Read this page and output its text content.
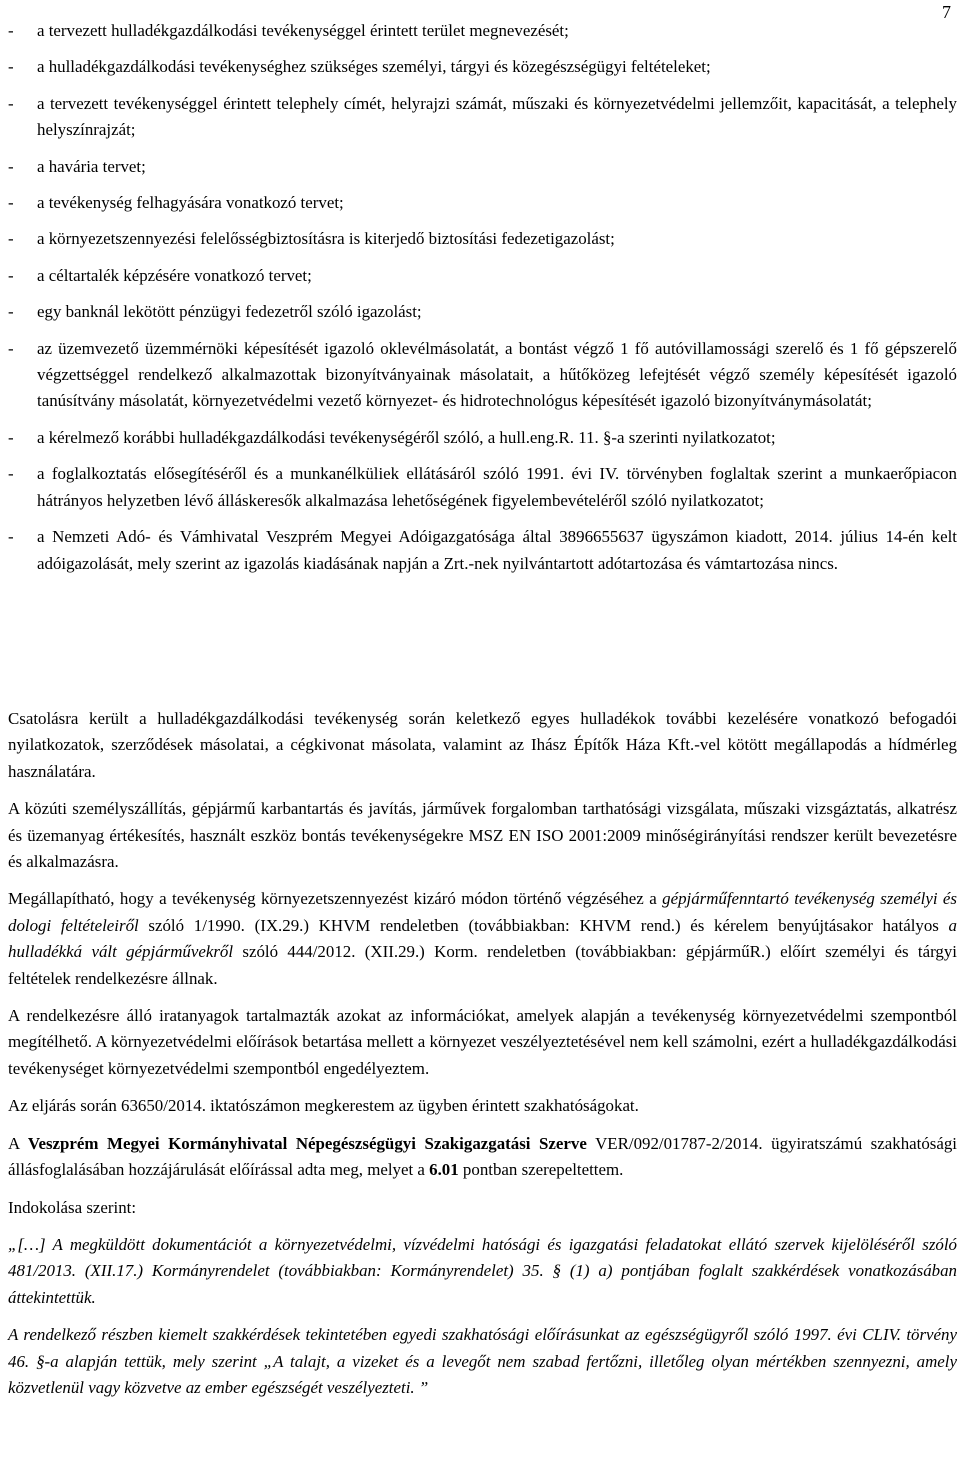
7
- a tervezett hulladékgazdálkodási tevékenységgel érintett terület megnevezését;
- a hulladékgazdálkodási tevékenységhez szükséges személyi, tárgyi és közegészségügyi feltételeket;
- a tervezett tevékenységgel érintett telephely címét, helyrajzi számát, műszaki és környezetvédelmi jellemzőit, kapacitását, a telephely helyszínrajzát;
- a havária tervet;
- a tevékenység felhagyására vonatkozó tervet;
- a környezetszennyezési felelősségbiztosításra is kiterjedő biztosítási fedezetigazolást;
- a céltartalék képzésére vonatkozó tervet;
- egy banknál lekötött pénzügyi fedezetről szóló igazolást;
- az üzemvezető üzemmérnöki képesítését igazoló oklevélmásolatát, a bontást végző 1 fő autóvillamossági szerelő és 1 fő gépszerelő végzettséggel rendelkező alkalmazottak bizonyítványainak másolatait, a hűtőközeg lefejtését végző személy képesítését igazoló tanúsítvány másolatát, környezetvédelmi vezető környezet- és hidrotechnológus képesítését igazoló bizonyítványmásolatát;
- a kérelmező korábbi hulladékgazdálkodási tevékenységéről szóló, a hull.eng.R. 11. §-a szerinti nyilatkozatot;
- a foglalkoztatás elősegítéséről és a munkanélküliek ellátásáról szóló 1991. évi IV. törvényben foglaltak szerint a munkaerőpiacon hátrányos helyzetben lévő álláskeresők alkalmazása lehetőségének figyelembevételéről szóló nyilatkozatot;
- a Nemzeti Adó- és Vámhivatal Veszprém Megyei Adóigazgatósága által 3896655637 ügyszámon kiadott, 2014. július 14-én kelt adóigazolását, mely szerint az igazolás kiadásának napján a Zrt.-nek nyilvántartott adótartozása és vámtartozása nincs.

Csatolásra került a hulladékgazdálkodási tevékenység során keletkező egyes hulladékok további kezelésére vonatkozó befogadói nyilatkozatok, szerződések másolatai, a cégkivonat másolata, valamint az Ihász Építők Háza Kft.-vel kötött megállapodás a hídmérleg használatára.

A közúti személyszállítás, gépjármű karbantartás és javítás, járművek forgalomban tarthatósági vizsgálata, műszaki vizsgáztatás, alkatrész és üzemanyag értékesítés, használt eszköz bontás tevékenységekre MSZ EN ISO 2001:2009 minőségirányítási rendszer került bevezetésre és alkalmazásra.

Megállapítható, hogy a tevékenység környezetszennyezést kizáró módon történő végzéséhez a gépjárműfenntartó tevékenység személyi és dologi feltételeiről szóló 1/1990. (IX.29.) KHVM rendeletben (továbbiakban: KHVM rend.) és kérelem benyújtásakor hatályos a hulladékká vált gépjárművekről szóló 444/2012. (XII.29.) Korm. rendeletben (továbbiakban: gépjárműR.) előírt személyi és tárgyi feltételek rendelkezésre állnak.

A rendelkezésre álló iratanyagok tartalmazták azokat az információkat, amelyek alapján a tevékenység környezetvédelmi szempontból megítélhető. A környezetvédelmi előírások betartása mellett a környezet veszélyeztetésével nem kell számolni, ezért a hulladékgazdálkodási tevékenységet környezetvédelmi szempontból engedélyeztem.

Az eljárás során 63650/2014. iktatószámon megkerestem az ügyben érintett szakhatóságokat.

A Veszprém Megyei Kormányhivatal Népegészségügyi Szakigazgatási Szerve VER/092/01787-2/2014. ügyiratszámú szakhatósági állásfoglalásában hozzájárulását előírással adta meg, melyet a 6.01 pontban szerepeltettem.

Indokolása szerint:

„[…] A megküldött dokumentációt a környezetvédelmi, vízvédelmi hatósági és igazgatási feladatokat ellátó szervek kijelöléséről szóló 481/2013. (XII.17.) Kormányrendelet (továbbiakban: Kormányrendelet) 35. § (1) a) pontjában foglalt szakkérdések vonatkozásában áttekintettük.

A rendelkező részben kiemelt szakkérdések tekintetében egyedi szakhatósági előírásunkat az egészségügyről szóló 1997. évi CLIV. törvény 46. §-a alapján tettük, mely szerint „A talajt, a vizeket és a levegőt nem szabad fertőzni, illetőleg olyan mértékben szennyezni, amely közvetlenül vagy közvetve az ember egészségét veszélyezteti. ”
